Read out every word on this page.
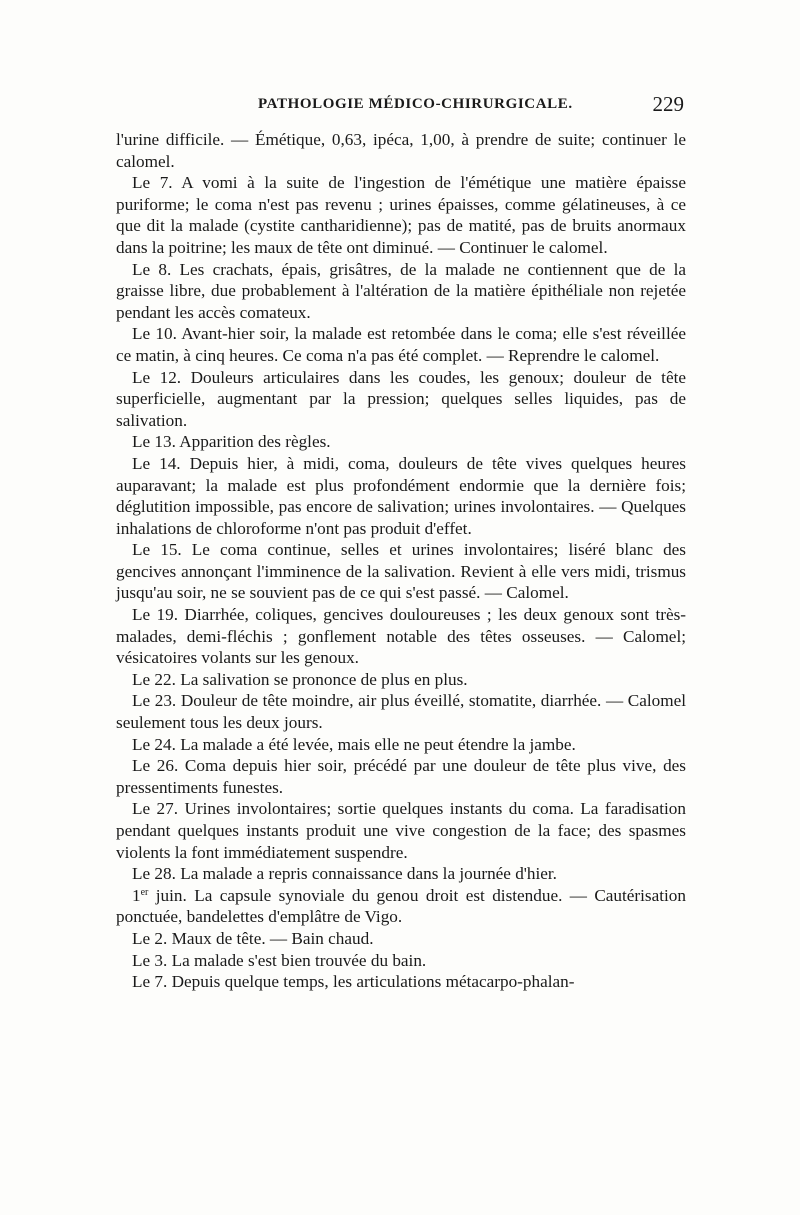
PATHOLOGIE MÉDICO-CHIRURGICALE.	229

l'urine difficile. — Émétique, 0,63, ipéca, 1,00, à prendre de suite; continuer le calomel.

Le 7. A vomi à la suite de l'ingestion de l'émétique une matière épaisse puriforme; le coma n'est pas revenu ; urines épaisses, comme gélatineuses, à ce que dit la malade (cystite cantharidienne); pas de matité, pas de bruits anormaux dans la poitrine; les maux de tête ont diminué. — Continuer le calomel.

Le 8. Les crachats, épais, grisâtres, de la malade ne contiennent que de la graisse libre, due probablement à l'altération de la matière épithéliale non rejetée pendant les accès comateux.

Le 10. Avant-hier soir, la malade est retombée dans le coma; elle s'est réveillée ce matin, à cinq heures. Ce coma n'a pas été complet. — Reprendre le calomel.

Le 12. Douleurs articulaires dans les coudes, les genoux; douleur de tête superficielle, augmentant par la pression; quelques selles liquides, pas de salivation.

Le 13. Apparition des règles.

Le 14. Depuis hier, à midi, coma, douleurs de tête vives quelques heures auparavant; la malade est plus profondément endormie que la dernière fois; déglutition impossible, pas encore de salivation; urines involontaires. — Quelques inhalations de chloroforme n'ont pas produit d'effet.

Le 15. Le coma continue, selles et urines involontaires; liséré blanc des gencives annonçant l'imminence de la salivation. Revient à elle vers midi, trismus jusqu'au soir, ne se souvient pas de ce qui s'est passé. — Calomel.

Le 19. Diarrhée, coliques, gencives douloureuses ; les deux genoux sont très-malades, demi-fléchis ; gonflement notable des têtes osseuses. — Calomel; vésicatoires volants sur les genoux.

Le 22. La salivation se prononce de plus en plus.

Le 23. Douleur de tête moindre, air plus éveillé, stomatite, diarrhée. — Calomel seulement tous les deux jours.

Le 24. La malade a été levée, mais elle ne peut étendre la jambe.

Le 26. Coma depuis hier soir, précédé par une douleur de tête plus vive, des pressentiments funestes.

Le 27. Urines involontaires; sortie quelques instants du coma. La faradisation pendant quelques instants produit une vive congestion de la face; des spasmes violents la font immédiatement suspendre.

Le 28. La malade a repris connaissance dans la journée d'hier.

1er juin. La capsule synoviale du genou droit est distendue. — Cautérisation ponctuée, bandelettes d'emplâtre de Vigo.

Le 2. Maux de tête. — Bain chaud.

Le 3. La malade s'est bien trouvée du bain.

Le 7. Depuis quelque temps, les articulations métacarpo-phalan-
